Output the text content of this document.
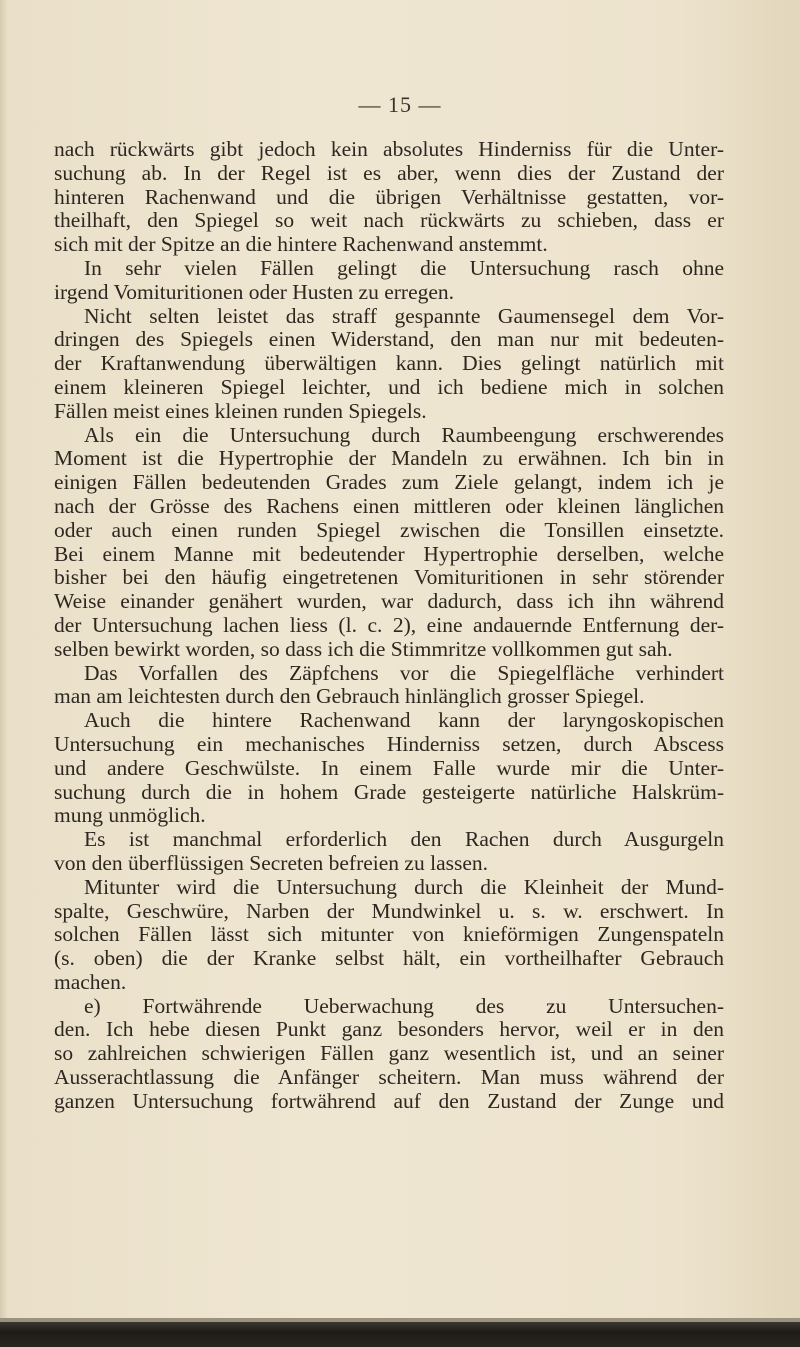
— 15 —
nach rückwärts gibt jedoch kein absolutes Hinderniss für die Unter-
suchung ab. In der Regel ist es aber, wenn dies der Zustand der
hinteren Rachenwand und die übrigen Verhältnisse gestatten, vor-
theilhaft, den Spiegel so weit nach rückwärts zu schieben, dass er
sich mit der Spitze an die hintere Rachenwand anstemmt.
In sehr vielen Fällen gelingt die Untersuchung rasch ohne
irgend Vomituritionen oder Husten zu erregen.
Nicht selten leistet das straff gespannte Gaumensegel dem Vor-
dringen des Spiegels einen Widerstand, den man nur mit bedeuten-
der Kraftanwendung überwältigen kann. Dies gelingt natürlich mit
einem kleineren Spiegel leichter, und ich bediene mich in solchen
Fällen meist eines kleinen runden Spiegels.
Als ein die Untersuchung durch Raumbeengung erschwerendes
Moment ist die Hypertrophie der Mandeln zu erwähnen. Ich bin in
einigen Fällen bedeutenden Grades zum Ziele gelangt, indem ich je
nach der Grösse des Rachens einen mittleren oder kleinen länglichen
oder auch einen runden Spiegel zwischen die Tonsillen einsetzte.
Bei einem Manne mit bedeutender Hypertrophie derselben, welche
bisher bei den häufig eingetretenen Vomituritionen in sehr störender
Weise einander genähert wurden, war dadurch, dass ich ihn während
der Untersuchung lachen liess (l. c. 2), eine andauernde Entfernung der-
selben bewirkt worden, so dass ich die Stimmritze vollkommen gut sah.
Das Vorfallen des Zäpfchens vor die Spiegelfläche verhindert
man am leichtesten durch den Gebrauch hinlänglich grosser Spiegel.
Auch die hintere Rachenwand kann der laryngoskopischen
Untersuchung ein mechanisches Hinderniss setzen, durch Abscess
und andere Geschwülste. In einem Falle wurde mir die Unter-
suchung durch die in hohem Grade gesteigerte natürliche Halskrüm-
mung unmöglich.
Es ist manchmal erforderlich den Rachen durch Ausgurgeln
von den überflüssigen Secreten befreien zu lassen.
Mitunter wird die Untersuchung durch die Kleinheit der Mund-
spalte, Geschwüre, Narben der Mundwinkel u. s. w. erschwert. In
solchen Fällen lässt sich mitunter von knieförmigen Zungenspateln
(s. oben) die der Kranke selbst hält, ein vortheilhafter Gebrauch
machen.
e) Fortwährende Ueberwachung des zu Untersuchen-
den. Ich hebe diesen Punkt ganz besonders hervor, weil er in den
so zahlreichen schwierigen Fällen ganz wesentlich ist, und an seiner
Ausserachtlassung die Anfänger scheitern. Man muss während der
ganzen Untersuchung fortwährend auf den Zustand der Zunge und
